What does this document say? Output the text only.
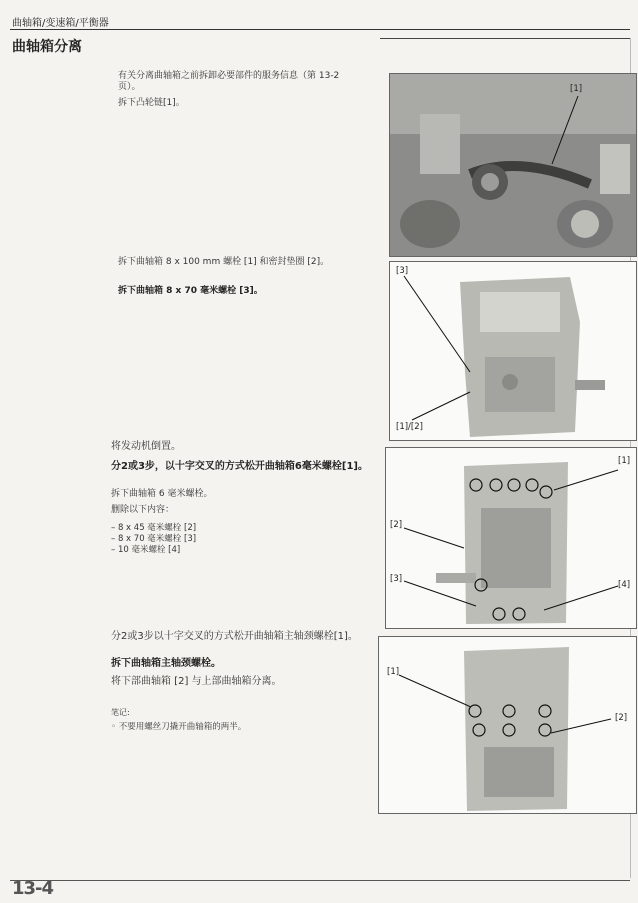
曲轴箱/变速箱/平衡器
曲轴箱分离
有关分离曲轴箱之前拆卸必要部件的服务信息（第 13-2
页）。
拆下凸轮链[1]。
拆下曲轴箱 8 x 100 mm 螺栓 [1] 和密封垫圈 [2]。
拆下曲轴箱 8 x 70 毫米螺栓 [3]。
将发动机倒置。
分2或3步，以十字交叉的方式松开曲轴箱6毫米螺栓[1]。
拆下曲轴箱 6 毫米螺栓。
删除以下内容：
– 8 x 45 毫米螺栓 [2]
– 8 x 70 毫米螺栓 [3]
– 10 毫米螺栓 [4]
分2或3步以十字交叉的方式松开曲轴箱主轴颈螺栓[1]。
拆下曲轴箱主轴颈螺栓。
将下部曲轴箱 [2] 与上部曲轴箱分离。
笔记:
◦ 不要用螺丝刀撬开曲轴箱的两半。
[1]
[3]
[1]/[2]
[1]
[2]
[3]
[4]
[1]
[2]
13-4
